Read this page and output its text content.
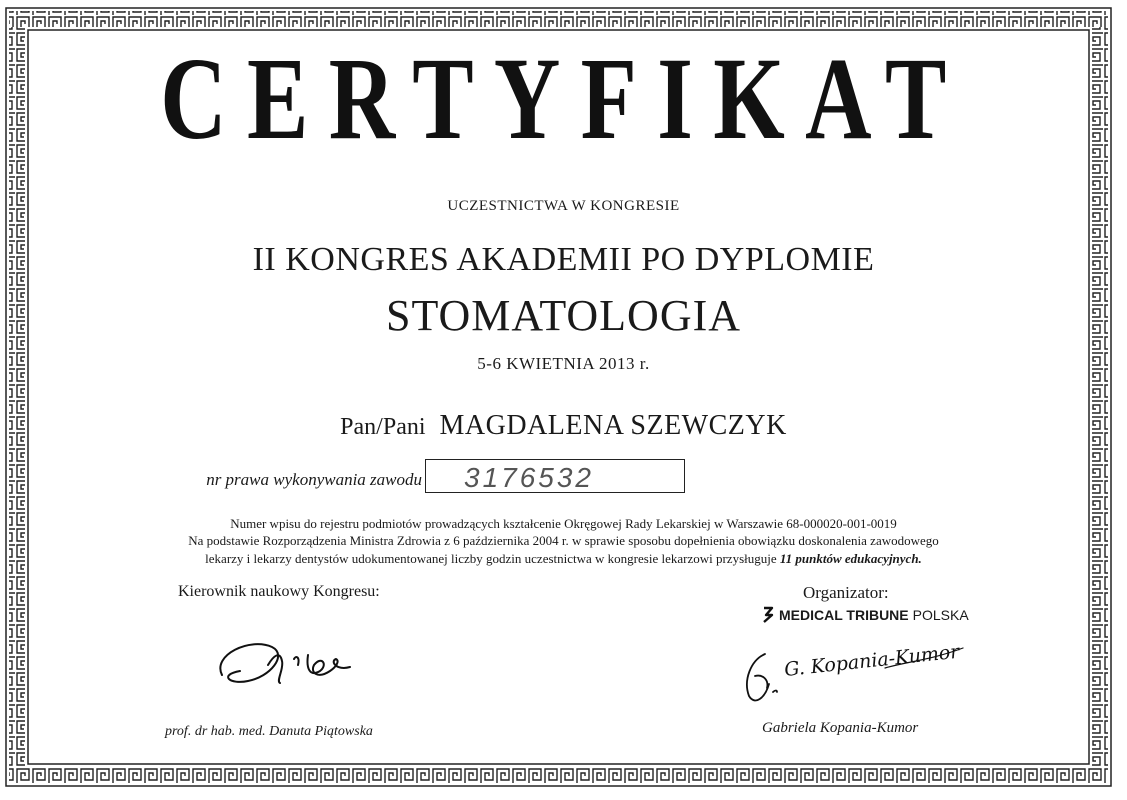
CERTYFIKAT
UCZESTNICTWA W KONGRESIE
II KONGRES AKADEMII PO DYPLOMIE
STOMATOLOGIA
5-6 KWIETNIA 2013 r.
Pan/Pani MAGDALENA SZEWCZYK
nr prawa wykonywania zawodu 3176532
Numer wpisu do rejestru podmiotów prowadzących kształcenie Okręgowej Rady Lekarskiej w Warszawie 68-000020-001-0019
Na podstawie Rozporządzenia Ministra Zdrowia z 6 października 2004 r. w sprawie sposobu dopełnienia obowiązku doskonalenia zawodowego
lekarzy i lekarzy dentystów udokumentowanej liczby godzin uczestnictwa w kongresie lekarzowi przysługuje 11 punktów edukacyjnych.
Kierownik naukowy Kongresu:	Organizator:
MEDICAL TRIBUNE POLSKA
G. Kopania-Kumor
prof. dr hab. med. Danuta Piątowska	Gabriela Kopania-Kumor
